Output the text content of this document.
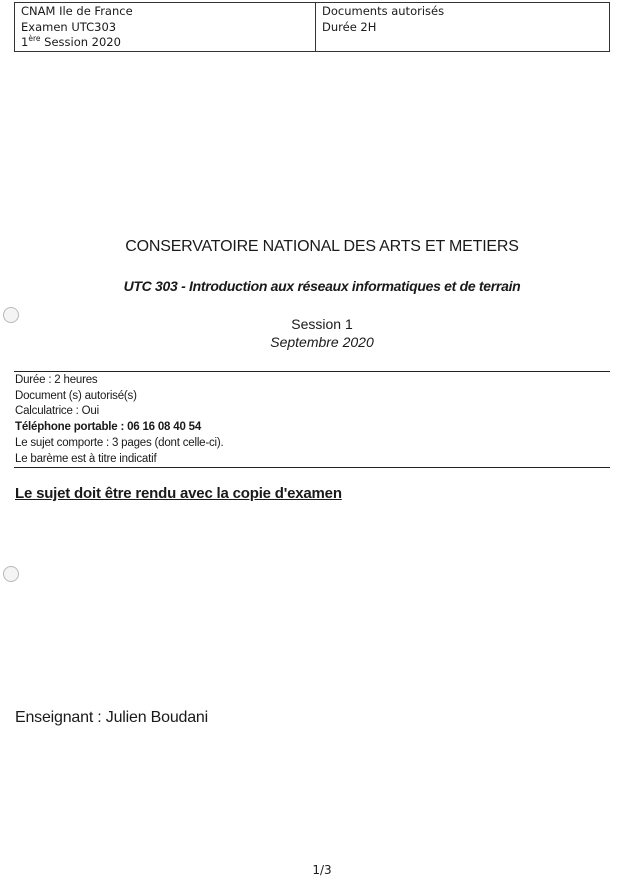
CNAM Ile de France
Examen UTC303
1ère Session 2020
Documents autorisés
Durée 2H
CONSERVATOIRE NATIONAL DES ARTS ET METIERS
UTC 303 - Introduction aux réseaux informatiques et de terrain
Session 1
Septembre 2020
Durée : 2 heures
Document (s) autorisé(s)
Calculatrice : Oui
Téléphone portable : 06 16 08 40 54
Le sujet comporte : 3 pages (dont celle-ci).
Le barème est à titre indicatif
Le sujet doit être rendu avec la copie d'examen
Enseignant : Julien Boudani
1/3
